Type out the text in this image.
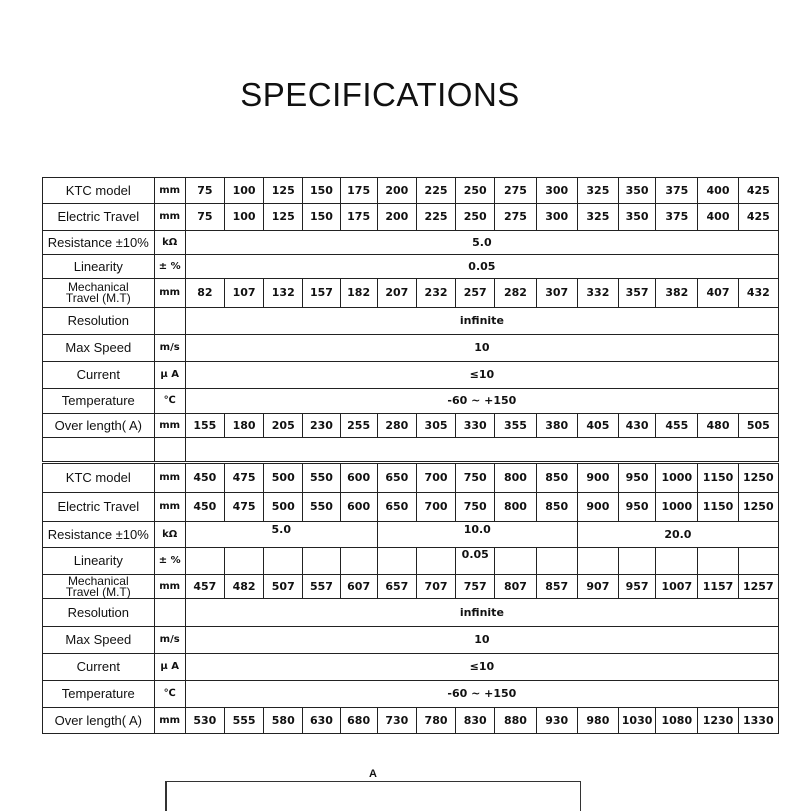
SPECIFICATIONS
KTC model	mm	75	100	125	150	175	200	225	250	275	300	325	350	375	400	425
Electric Travel	mm	75	100	125	150	175	200	225	250	275	300	325	350	375	400	425
Resistance ±10%	kΩ	5.0														
Linearity	± %	0.05														
Mechanical
Travel (M.T)	mm	82	107	132	157	182	207	232	257	282	307	332	357	382	407	432
Resolution		infinite														
Max Speed	m/s	10														
Current	μ A	≤10														
Temperature	℃	-60 ~ +150														
Over length( A)	mm	155	180	205	230	255	280	305	330	355	380	405	430	455	480	505

KTC model	mm	450	475	500	550	600	650	700	750	800	850	900	950	1000	1150	1250
Electric Travel	mm	450	475	500	550	600	650	700	750	800	850	900	950	1000	1150	1250
Resistance ±10%	kΩ	5.0					10.0					20.0				
Linearity	± %								0.05							
Mechanical
Travel (M.T)	mm	457	482	507	557	607	657	707	757	807	857	907	957	1007	1157	1257
Resolution		infinite														
Max Speed	m/s	10														
Current	μ A	≤10														
Temperature	℃	-60 ~ +150														
Over length( A)	mm	530	555	580	630	680	730	780	830	880	930	980	1030	1080	1230	1330
A
